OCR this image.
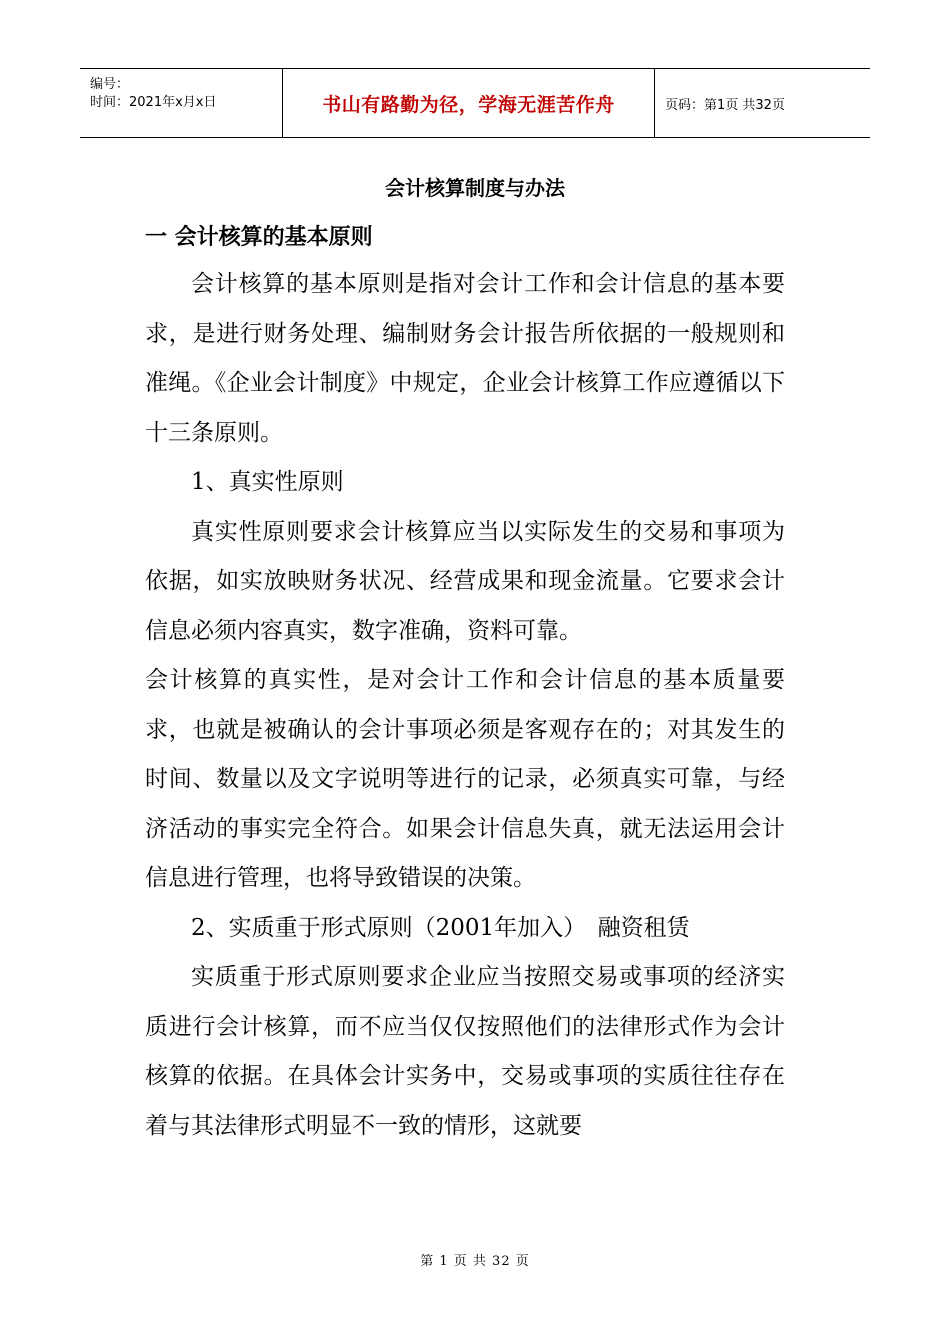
编号：
时间：2021年x月x日	书山有路勤为径，学海无涯苦作舟	页码：第1页 共32页
会计核算制度与办法
一 会计核算的基本原则

会计核算的基本原则是指对会计工作和会计信息的基本要求，是进行财务处理、编制财务会计报告所依据的一般规则和准绳。《企业会计制度》中规定，企业会计核算工作应遵循以下十三条原则。

1、真实性原则

真实性原则要求会计核算应当以实际发生的交易和事项为依据，如实放映财务状况、经营成果和现金流量。它要求会计信息必须内容真实，数字准确，资料可靠。

会计核算的真实性，是对会计工作和会计信息的基本质量要求，也就是被确认的会计事项必须是客观存在的；对其发生的时间、数量以及文字说明等进行的记录，必须真实可靠，与经济活动的事实完全符合。如果会计信息失真，就无法运用会计信息进行管理，也将导致错误的决策。

2、实质重于形式原则（2001年加入）　融资租赁

实质重于形式原则要求企业应当按照交易或事项的经济实质进行会计核算，而不应当仅仅按照他们的法律形式作为会计核算的依据。在具体会计实务中，交易或事项的实质往往存在着与其法律形式明显不一致的情形，这就要

第 1 页 共 32 页
